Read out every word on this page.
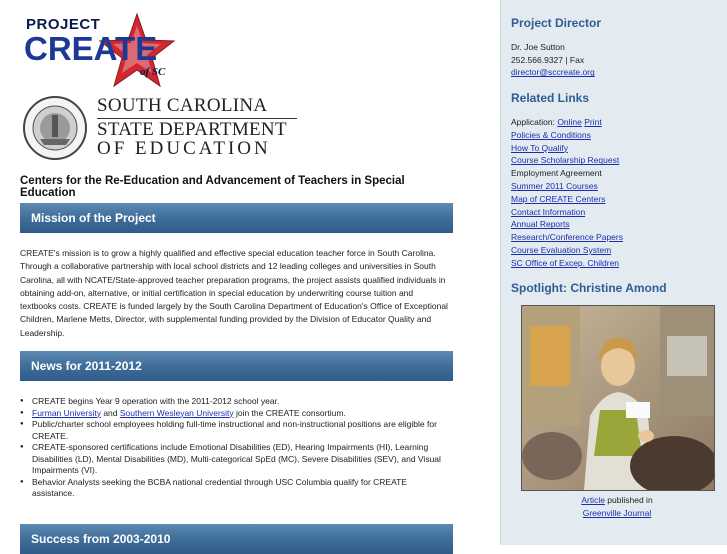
PROJECT
CREATE
of SC
SOUTH CAROLINA
STATE DEPARTMENT
OF EDUCATION
Centers for the Re-Education and Advancement of Teachers in Special Education
Mission of the Project
CREATE's mission is to grow a highly qualified and effective special education teacher force in South Carolina. Through a collaborative partnership with local school districts and 12 leading colleges and universities in South Carolina, all with NCATE/State-approved teacher preparation programs, the project assists qualified individuals in obtaining add-on, alternative, or initial certification in special education by underwriting course tuition and textbooks costs. CREATE is funded largely by the South Carolina Department of Education's Office of Exceptional Children, Marlene Metts, Director, with supplemental funding provided by the Division of Educator Quality and Leadership.
News for 2011-2012
● CREATE begins Year 9 operation with the 2011-2012 school year.
● Furman University and Southern Wesleyan University join the CREATE consortium.
● Public/charter school employees holding full-time instructional and non-instructional positions are eligible for CREATE.
● CREATE-sponsored certifications include Emotional Disabilities (ED), Hearing Impairments (HI), Learning Disabilities (LD), Mental Disabilities (MD), Multi-categorical SpEd (MC), Severe Disabilities (SEV), and Visual Impairments (VI).
● Behavior Analysts seeking the BCBA national credential through USC Columbia qualify for CREATE assistance.
Success from 2003-2010
Project Director
Dr. Joe Sutton
252.566.9327 | Fax
director@sccreate.org
Related Links
Application: Online Print
Policies & Conditions
How To Qualify
Course Scholarship Request
Employment Agreement
Summer 2011 Courses
Map of CREATE Centers
Contact Information
Annual Reports
Research/Conference Papers
Course Evaluation System
SC Office of Excep. Children
Spotlight: Christine Amond
Article published in
Greenville Journal
